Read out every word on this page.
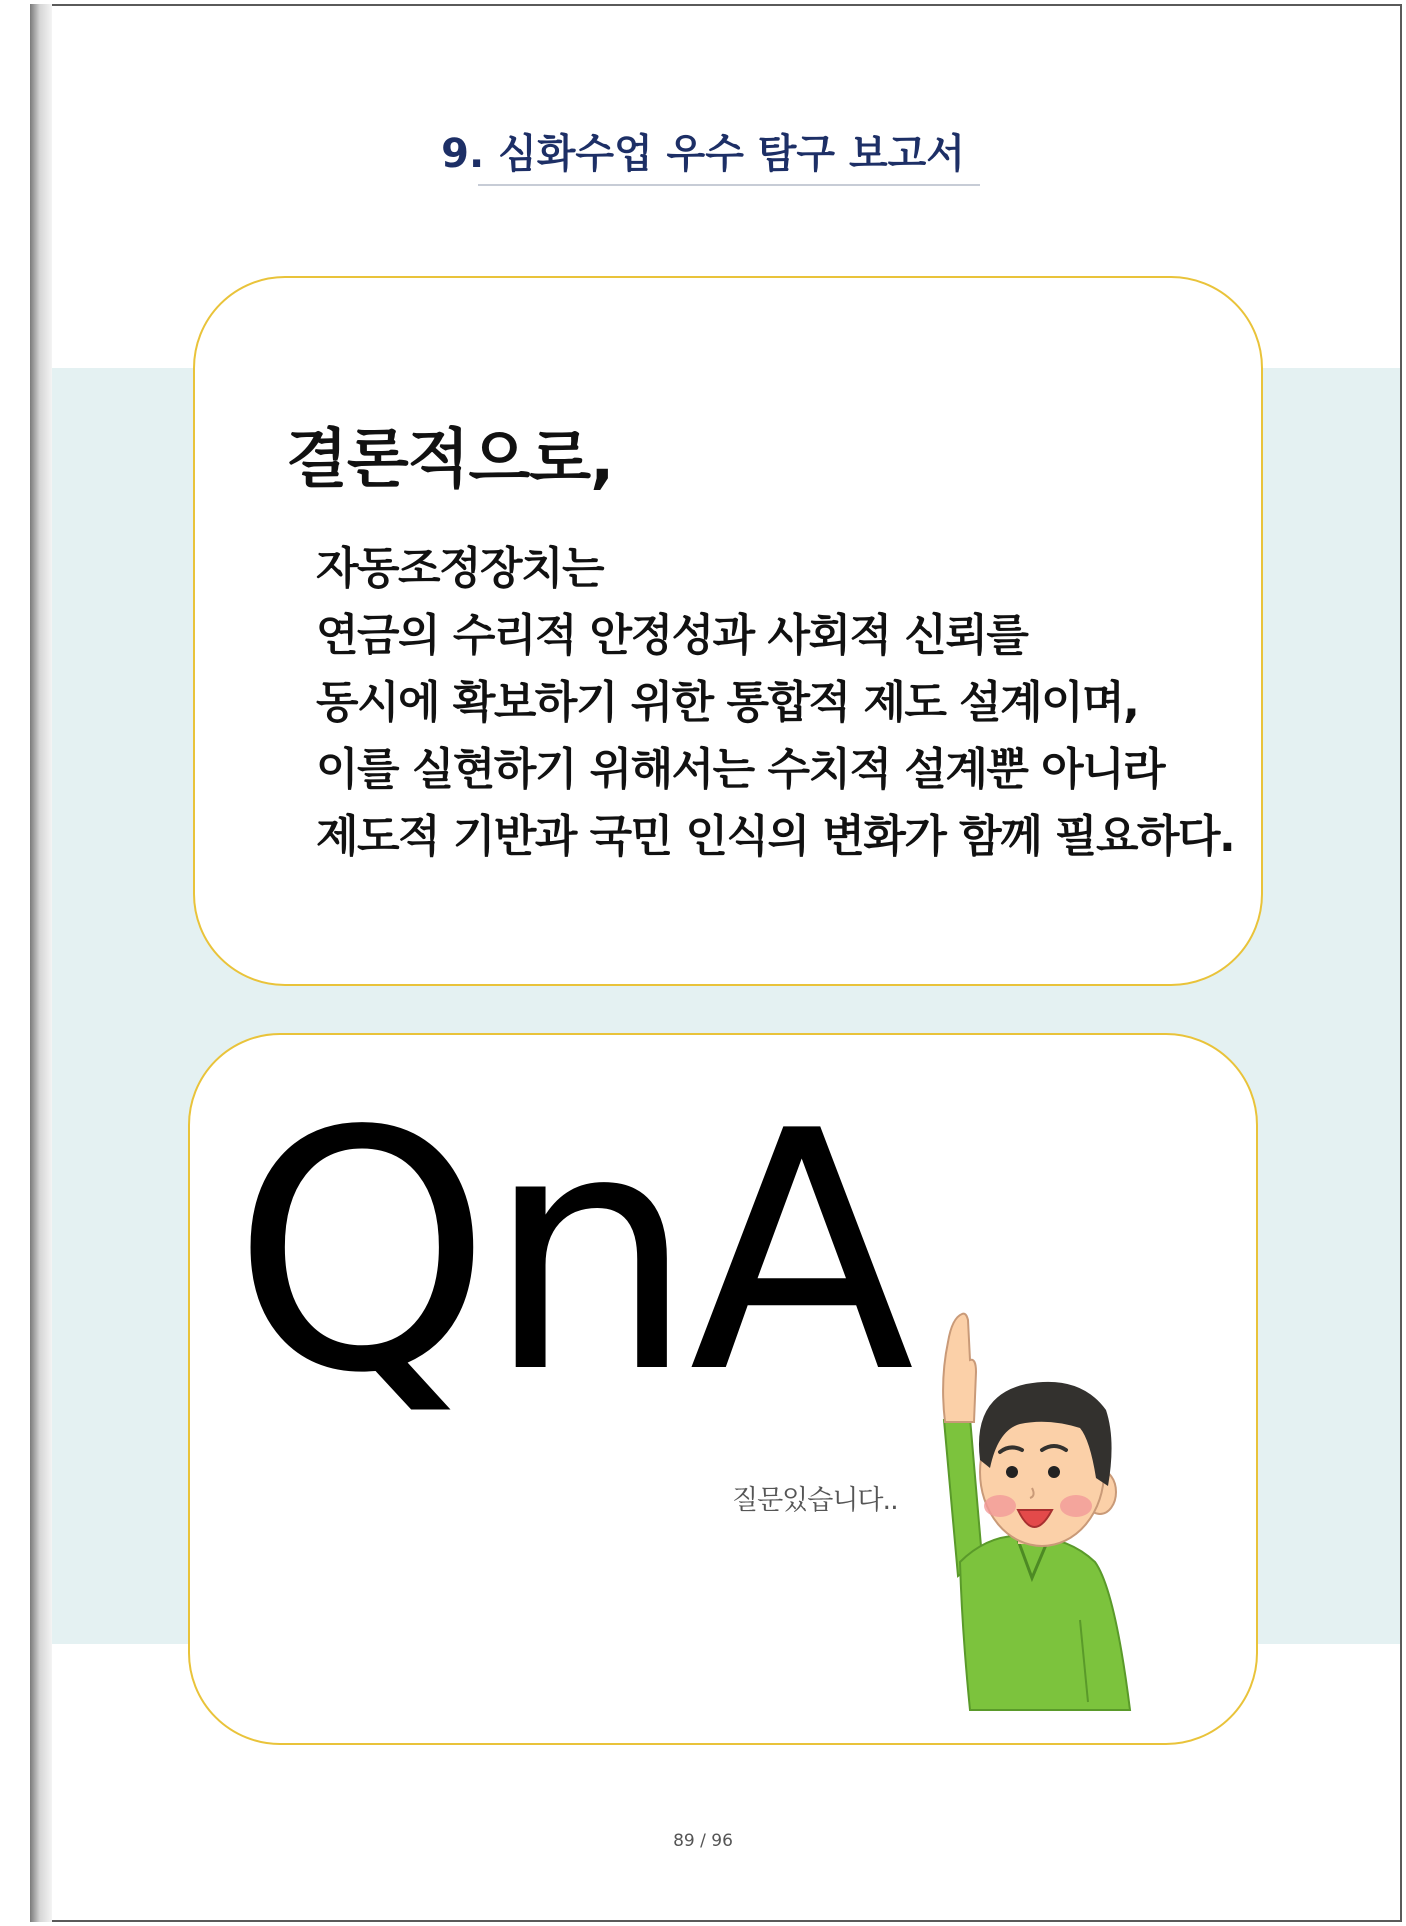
9. 심화수업 우수 탐구 보고서
결론적으로,
자동조정장치는
연금의 수리적 안정성과 사회적 신뢰를
동시에 확보하기 위한 통합적 제도 설계이며,
이를 실현하기 위해서는 수치적 설계뿐 아니라
제도적 기반과 국민 인식의 변화가 함께 필요하다.
QnA
질문있습니다..
89 / 96
